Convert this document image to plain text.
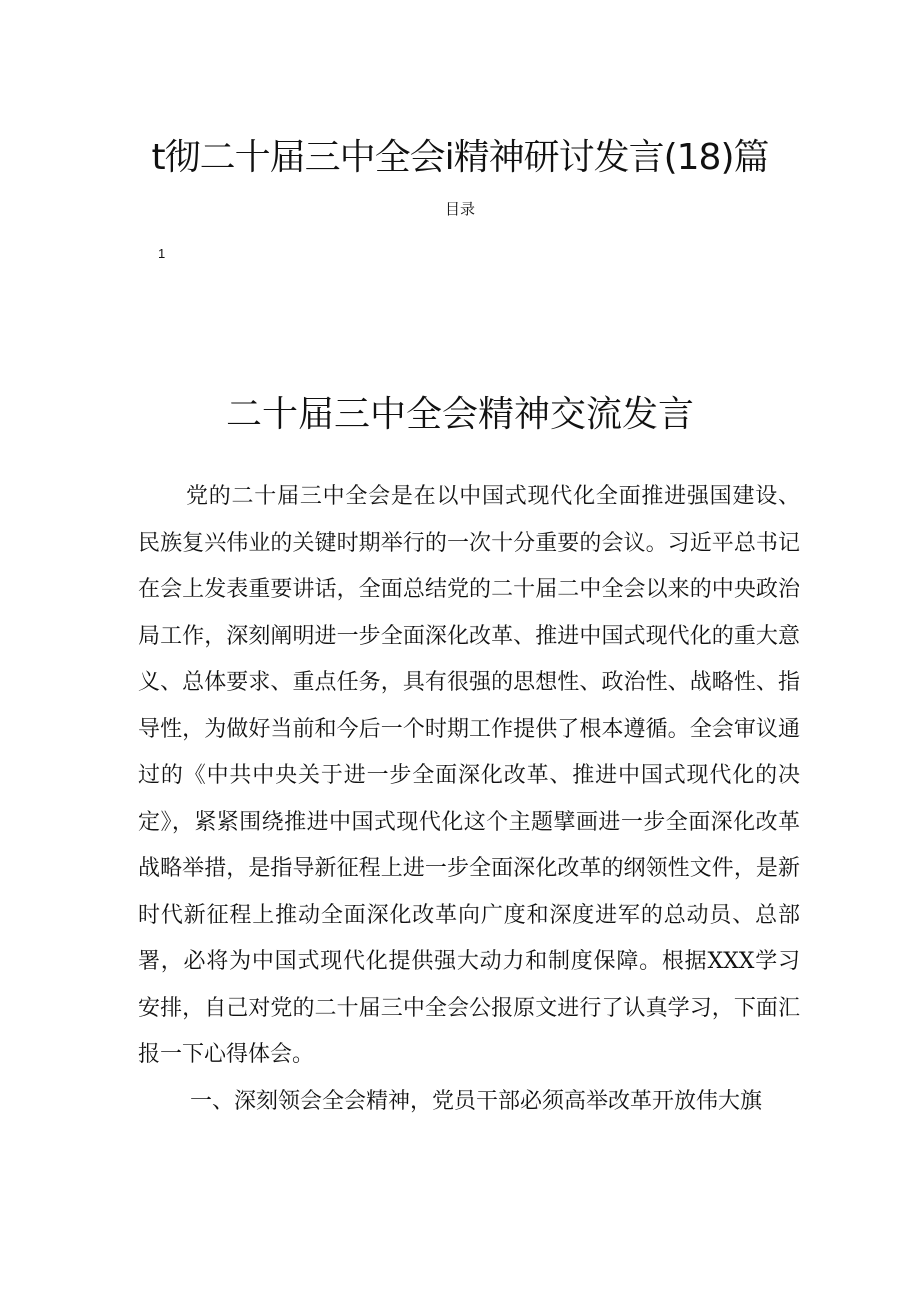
t彻二十届三中全会i精神研讨发言(18)篇
目录
1
二十届三中全会精神交流发言

党的二十届三中全会是在以中国式现代化全面推进强国建设、民族复兴伟业的关键时期举行的一次十分重要的会议。习近平总书记在会上发表重要讲话，全面总结党的二十届二中全会以来的中央政治局工作，深刻阐明进一步全面深化改革、推进中国式现代化的重大意义、总体要求、重点任务，具有很强的思想性、政治性、战略性、指导性，为做好当前和今后一个时期工作提供了根本遵循。全会审议通过的《中共中央关于进一步全面深化改革、推进中国式现代化的决定》，紧紧围绕推进中国式现代化这个主题擘画进一步全面深化改革战略举措，是指导新征程上进一步全面深化改革的纲领性文件，是新时代新征程上推动全面深化改革向广度和深度进军的总动员、总部署，必将为中国式现代化提供强大动力和制度保障。根据XXX学习安排，自己对党的二十届三中全会公报原文进行了认真学习，下面汇报一下心得体会。

一、深刻领会全会精神，党员干部必须高举改革开放伟大旗
